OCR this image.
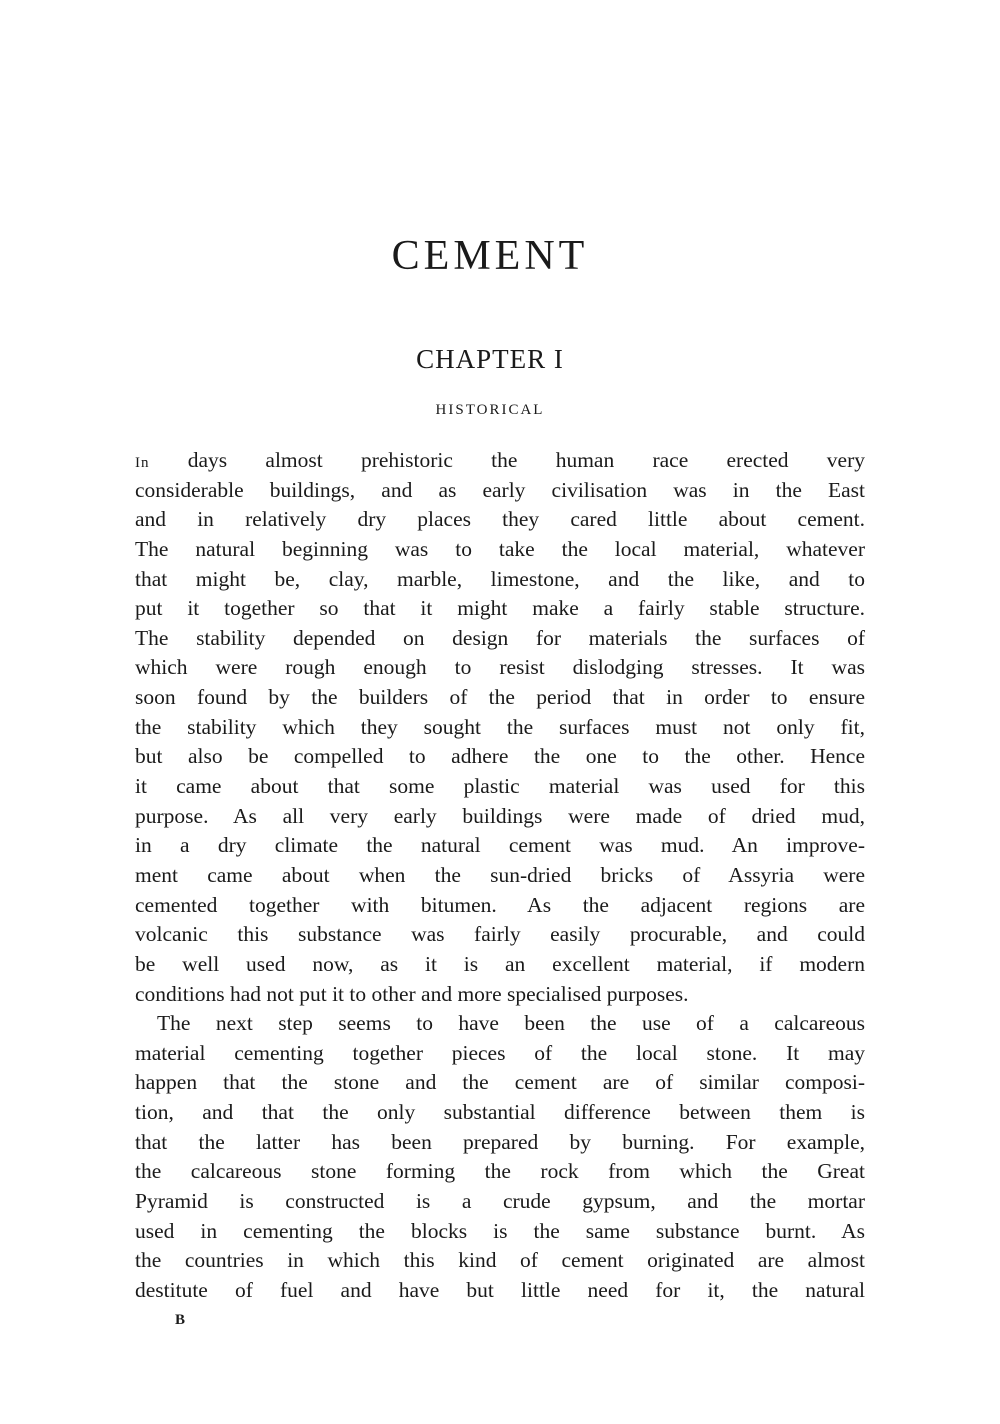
CEMENT
CHAPTER I
HISTORICAL
In days almost prehistoric the human race erected very
considerable buildings, and as early civilisation was in the East
and in relatively dry places they cared little about cement.
The natural beginning was to take the local material, whatever
that might be, clay, marble, limestone, and the like, and to
put it together so that it might make a fairly stable structure.
The stability depended on design for materials the surfaces of
which were rough enough to resist dislodging stresses. It was
soon found by the builders of the period that in order to ensure
the stability which they sought the surfaces must not only fit,
but also be compelled to adhere the one to the other. Hence
it came about that some plastic material was used for this
purpose. As all very early buildings were made of dried mud,
in a dry climate the natural cement was mud. An improve-
ment came about when the sun-dried bricks of Assyria were
cemented together with bitumen. As the adjacent regions are
volcanic this substance was fairly easily procurable, and could
be well used now, as it is an excellent material, if modern
conditions had not put it to other and more specialised purposes.
The next step seems to have been the use of a calcareous
material cementing together pieces of the local stone. It may
happen that the stone and the cement are of similar composi-
tion, and that the only substantial difference between them is
that the latter has been prepared by burning. For example,
the calcareous stone forming the rock from which the Great
Pyramid is constructed is a crude gypsum, and the mortar
used in cementing the blocks is the same substance burnt. As
the countries in which this kind of cement originated are almost
destitute of fuel and have but little need for it, the natural
B
